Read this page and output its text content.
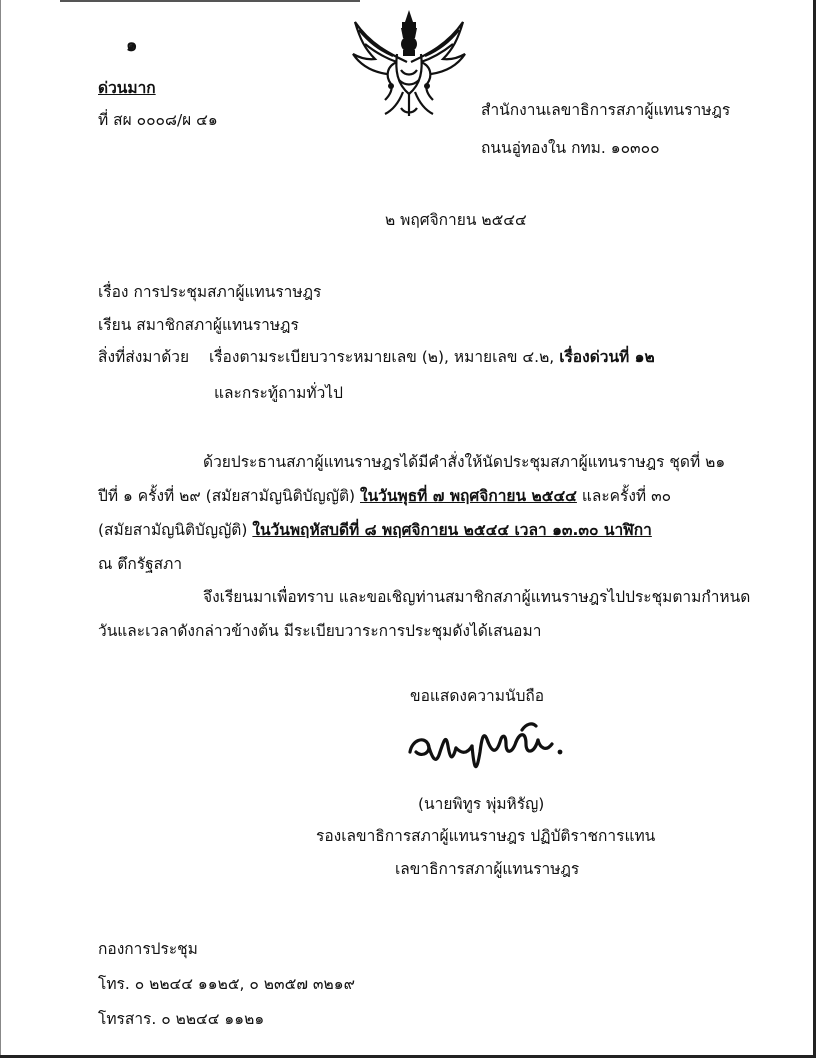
๑
ด่วนมาก
ที่ สผ ๐๐๐๘/ผ ๔๑
สำนักงานเลขาธิการสภาผู้แทนราษฎร
ถนนอู่ทองใน กทม. ๑๐๓๐๐
๒ พฤศจิกายน ๒๕๔๔
เรื่อง การประชุมสภาผู้แทนราษฎร
เรียน สมาชิกสภาผู้แทนราษฎร
สิ่งที่ส่งมาด้วย เรื่องตามระเบียบวาระหมายเลข (๒), หมายเลข ๔.๒, เรื่องด่วนที่ ๑๒
และกระทู้ถามทั่วไป
ด้วยประธานสภาผู้แทนราษฎรได้มีคำสั่งให้นัดประชุมสภาผู้แทนราษฎร ชุดที่ ๒๑
ปีที่ ๑ ครั้งที่ ๒๙ (สมัยสามัญนิติบัญญัติ) ในวันพุธที่ ๗ พฤศจิกายน ๒๕๔๔ และครั้งที่ ๓๐
(สมัยสามัญนิติบัญญัติ) ในวันพฤหัสบดีที่ ๘ พฤศจิกายน ๒๕๔๔ เวลา ๑๓.๓๐ นาฬิกา
ณ ตึกรัฐสภา
จึงเรียนมาเพื่อทราบ และขอเชิญท่านสมาชิกสภาผู้แทนราษฎรไปประชุมตามกำหนด
วันและเวลาดังกล่าวข้างต้น มีระเบียบวาระการประชุมดังได้เสนอมา
ขอแสดงความนับถือ
(นายพิทูร พุ่มหิรัญ)
รองเลขาธิการสภาผู้แทนราษฎร ปฏิบัติราชการแทน
เลขาธิการสภาผู้แทนราษฎร
กองการประชุม
โทร. ๐ ๒๒๔๔ ๑๑๒๕, ๐ ๒๓๕๗ ๓๒๑๙
โทรสาร. ๐ ๒๒๔๔ ๑๑๒๑
